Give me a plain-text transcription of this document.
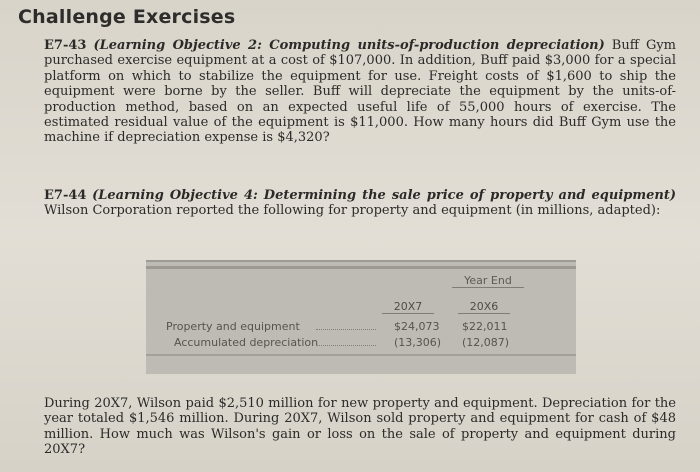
Challenge Exercises
E7-43 (Learning Objective 2: Computing units-of-production depreciation) Buff Gym purchased exercise equipment at a cost of $107,000. In addition, Buff paid $3,000 for a special platform on which to stabilize the equipment for use. Freight costs of $1,600 to ship the equipment were borne by the seller. Buff will depreciate the equipment by the units-of-production method, based on an expected useful life of 55,000 hours of exercise. The estimated residual value of the equipment is $11,000. How many hours did Buff Gym use the machine if depreciation expense is $4,320?
E7-44 (Learning Objective 4: Determining the sale price of property and equipment) Wilson Corporation reported the following for property and equipment (in millions, adapted):
Year End
20X7	20X6
Property and equipment	$24,073 $22,011
Accumulated depreciation	(13,306) (12,087)
During 20X7, Wilson paid $2,510 million for new property and equipment. Depreciation for the year totaled $1,546 million. During 20X7, Wilson sold property and equipment for cash of $48 million. How much was Wilson's gain or loss on the sale of property and equipment during 20X7?
